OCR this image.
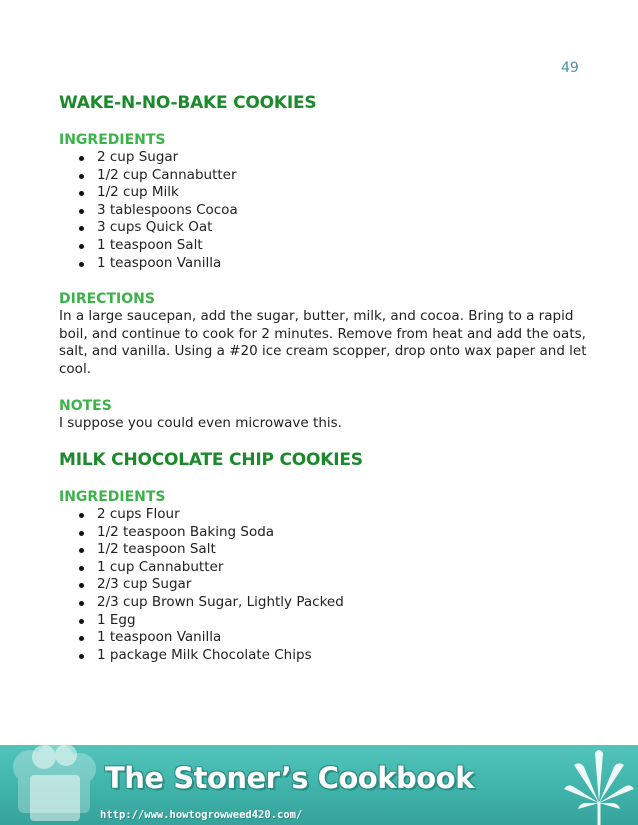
49
WAKE-N-NO-BAKE COOKIES
INGREDIENTS
2 cup Sugar
1/2 cup Cannabutter
1/2 cup Milk
3 tablespoons Cocoa
3 cups Quick Oat
1 teaspoon Salt
1 teaspoon Vanilla
DIRECTIONS

In a large saucepan, add the sugar, butter, milk, and cocoa. Bring to a rapid boil, and continue to cook for 2 minutes. Remove from heat and add the oats, salt, and vanilla. Using a #20 ice cream scopper, drop onto wax paper and let cool.

NOTES

I suppose you could even microwave this.

MILK CHOCOLATE CHIP COOKIES
INGREDIENTS
2 cups Flour
1/2 teaspoon Baking Soda
1/2 teaspoon Salt
1 cup Cannabutter
2/3 cup Sugar
2/3 cup Brown Sugar, Lightly Packed
1 Egg
1 teaspoon Vanilla
1 package Milk Chocolate Chips
The Stoner’s Cookbook
http://www.howtogrowweed420.com/
